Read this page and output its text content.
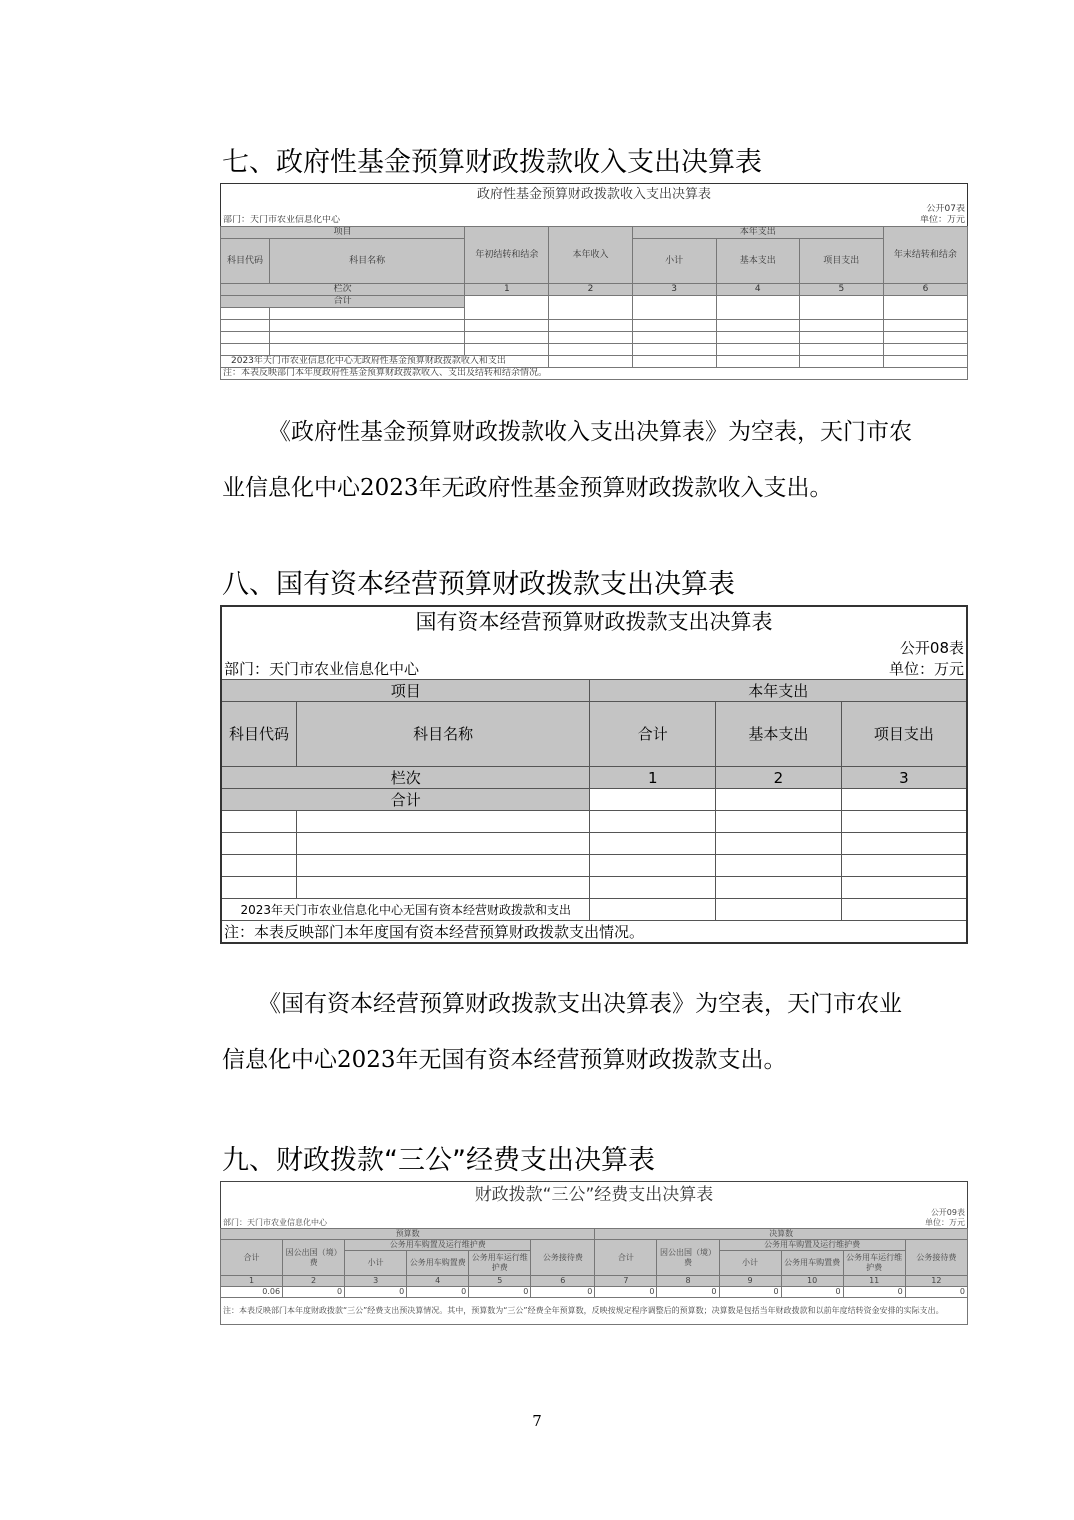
七、政府性基金预算财政拨款收入支出决算表
政府性基金预算财政拨款收入支出决算表							
							公开07表
部门：天门市农业信息化中心							单位：万元
项目		年初结转和结余	本年收入	本年支出			年末结转和结余
科目代码	科目名称			小计	基本支出	项目支出	
栏次		1	2	3	4	5	6
合计							

2023年天门市农业信息化中心无政府性基金预算财政拨款收入和支出							
注：本表反映部门本年度政府性基金预算财政拨款收入、支出及结转和结余情况。							

《政府性基金预算财政拨款收入支出决算表》为空表，天门市农业信息化中心2023年无政府性基金预算财政拨款收入支出。

八、国有资本经营预算财政拨款支出决算表
国有资本经营预算财政拨款支出决算表				
				公开08表
部门：天门市农业信息化中心				单位：万元
项目		本年支出		
科目代码	科目名称	合计	基本支出	项目支出
栏次		1	2	3
合计				

2023年天门市农业信息化中心无国有资本经营财政拨款和支出				
注：本表反映部门本年度国有资本经营预算财政拨款支出情况。				

《国有资本经营预算财政拨款支出决算表》为空表，天门市农业信息化中心2023年无国有资本经营预算财政拨款支出。

九、财政拨款“三公”经费支出决算表
财政拨款“三公”经费支出决算表											
											公开09表
部门：天门市农业信息化中心											单位：万元
预算数						决算数					
合计	因公出国（境）费	公务用车购置及运行维护费			公务接待费	合计	因公出国（境）费	公务用车购置及运行维护费			公务接待费
		小计	公务用车购置费	公务用车运行维护费				小计	公务用车购置费	公务用车运行维护费	
1	2	3	4	5	6	7	8	9	10	11	12
0.06	0	0	0	0	0	0	0	0	0	0	0
注：本表反映部门本年度财政拨款“三公”经费支出预决算情况。其中，预算数为“三公”经费全年预算数，反映按规定程序调整后的预算数；决算数是包括当年财政拨款和以前年度结转资金安排的实际支出。											
7
